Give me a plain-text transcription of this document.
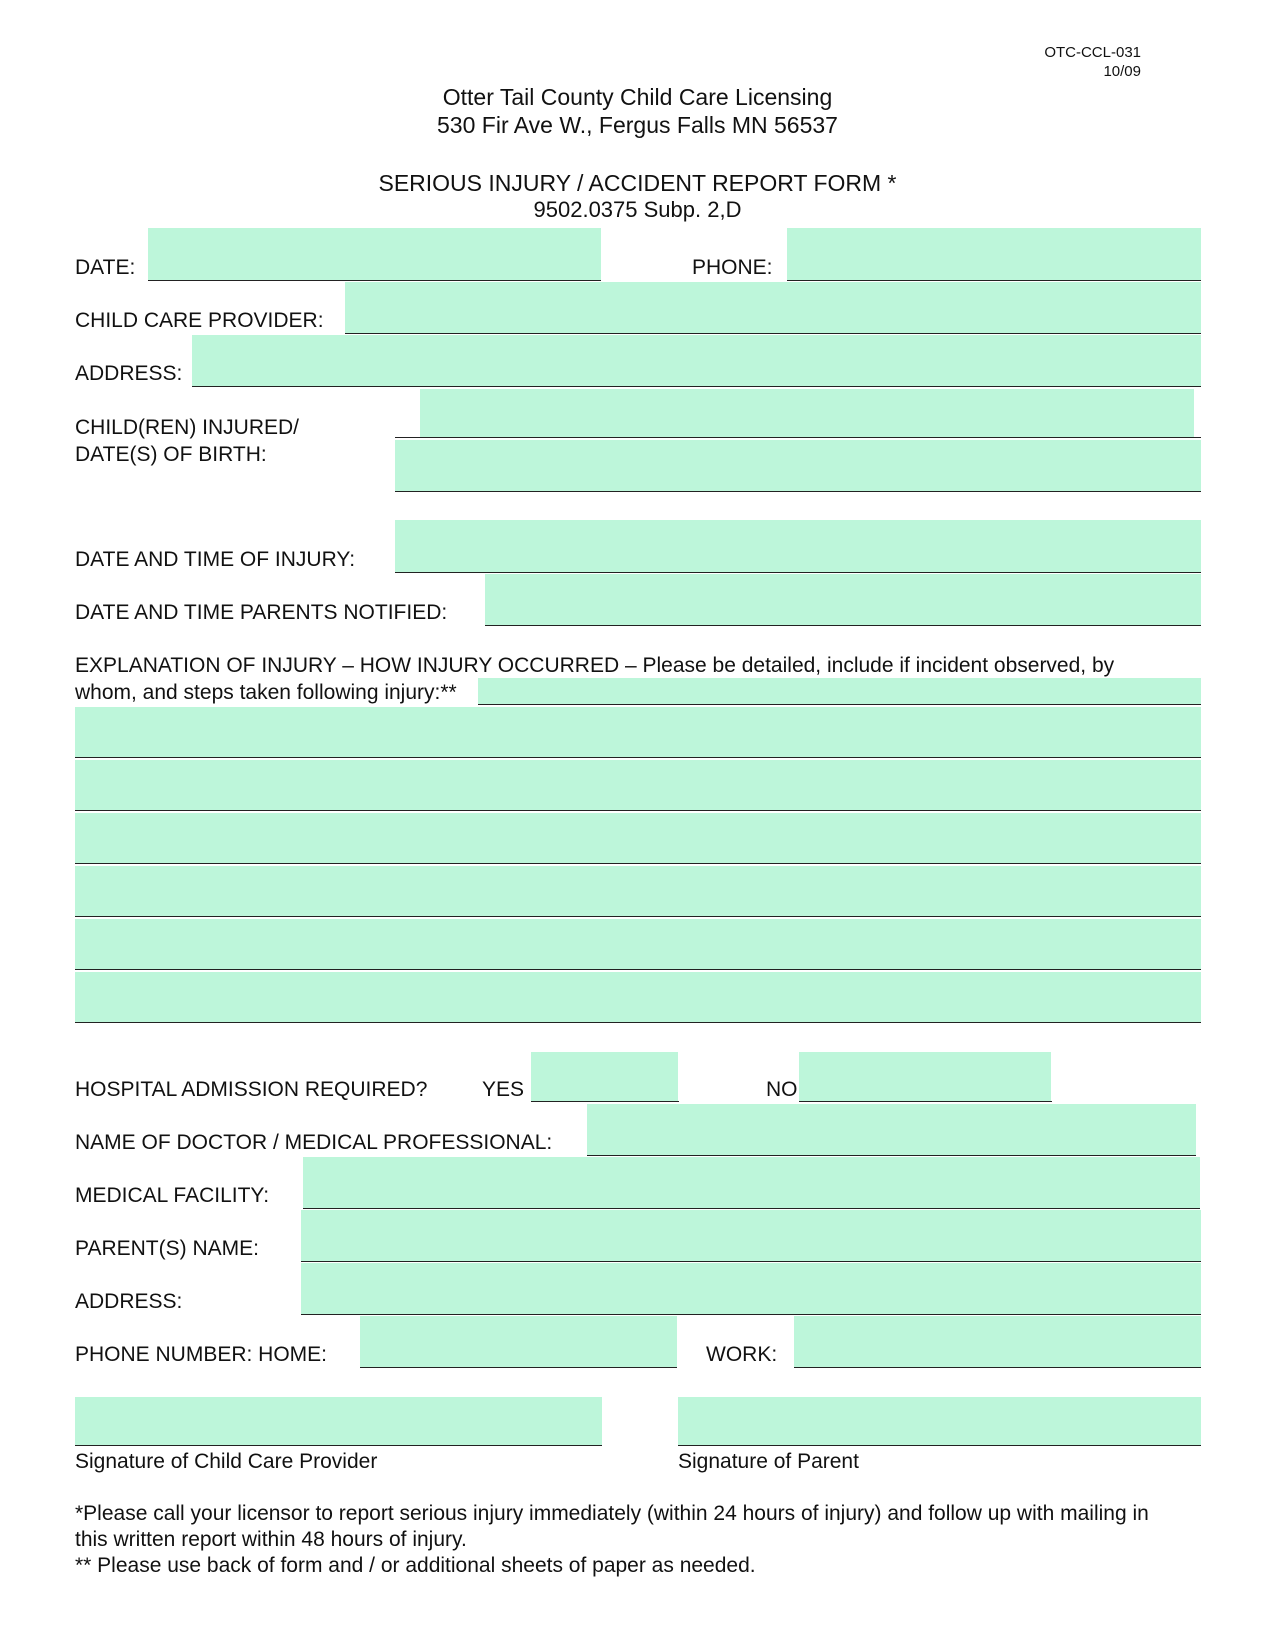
OTC-CCL-031
10/09
Otter Tail County Child Care Licensing
530 Fir Ave W., Fergus Falls MN 56537
SERIOUS INJURY / ACCIDENT REPORT FORM *
9502.0375 Subp. 2,D
DATE:	PHONE:
CHILD CARE PROVIDER:
ADDRESS:
CHILD(REN) INJURED/
DATE(S) OF BIRTH:
DATE AND TIME OF INJURY:
DATE AND TIME PARENTS NOTIFIED:
EXPLANATION OF INJURY – HOW INJURY OCCURRED – Please be detailed, include if incident observed, by
whom, and steps taken following injury:**
HOSPITAL ADMISSION REQUIRED?	YES	NO
NAME OF DOCTOR / MEDICAL PROFESSIONAL:
MEDICAL FACILITY:
PARENT(S) NAME:
ADDRESS:
PHONE NUMBER: HOME:	WORK:
Signature of Child Care Provider	Signature of Parent
*Please call your licensor to report serious injury immediately (within 24 hours of injury) and follow up with mailing in
this written report within 48 hours of injury.
** Please use back of form and / or additional sheets of paper as needed.
